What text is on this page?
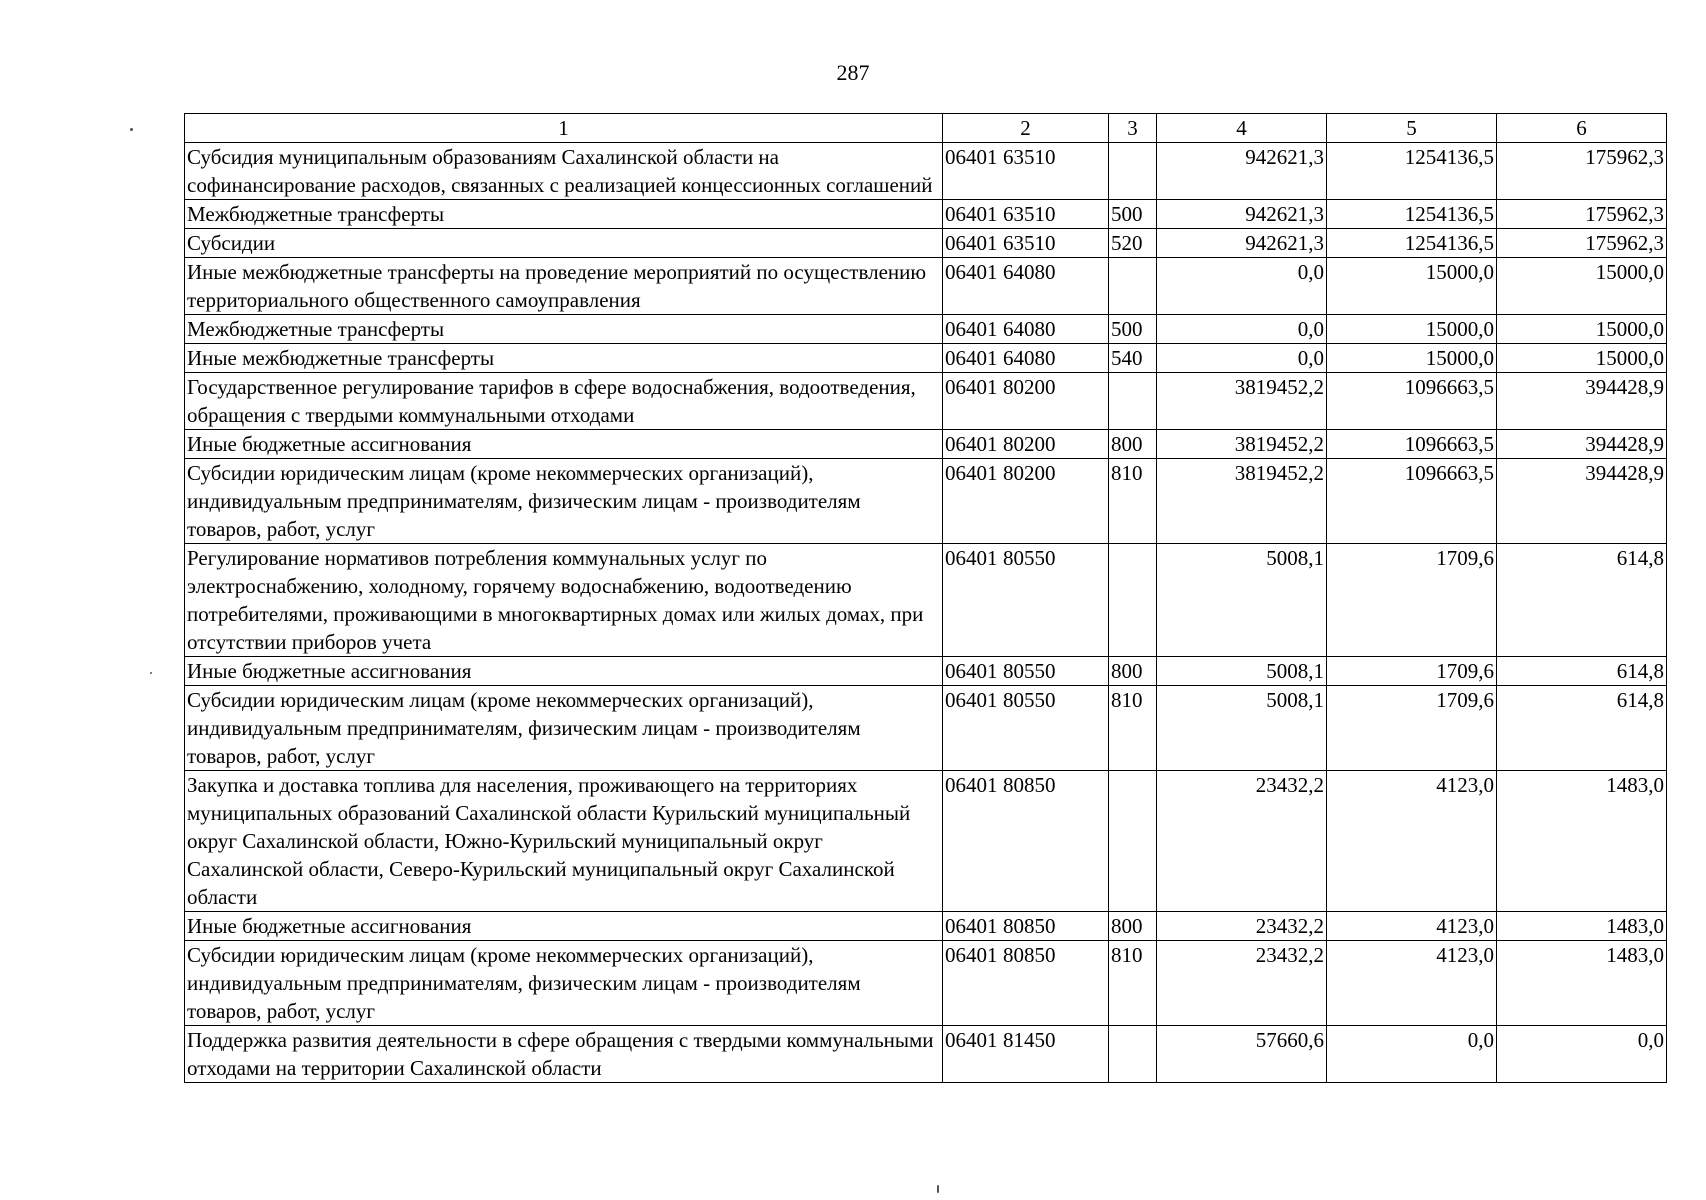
287
1	2	3	4	5	6
Субсидия муниципальным образованиям Сахалинской области на софинансирование расходов, связанных с реализацией концессионных соглашений	06401 63510		942621,3	1254136,5	175962,3
Межбюджетные трансферты	06401 63510	500	942621,3	1254136,5	175962,3
Субсидии	06401 63510	520	942621,3	1254136,5	175962,3
Иные межбюджетные трансферты на проведение мероприятий по осуществлению территориального общественного самоуправления	06401 64080		0,0	15000,0	15000,0
Межбюджетные трансферты	06401 64080	500	0,0	15000,0	15000,0
Иные межбюджетные трансферты	06401 64080	540	0,0	15000,0	15000,0
Государственное регулирование тарифов в сфере водоснабжения, водоотведения, обращения с твердыми коммунальными отходами	06401 80200		3819452,2	1096663,5	394428,9
Иные бюджетные ассигнования	06401 80200	800	3819452,2	1096663,5	394428,9
Субсидии юридическим лицам (кроме некоммерческих организаций), индивидуальным предпринимателям, физическим лицам - производителям товаров, работ, услуг	06401 80200	810	3819452,2	1096663,5	394428,9
Регулирование нормативов потребления коммунальных услуг по электроснабжению, холодному, горячему водоснабжению, водоотведению потребителями, проживающими в многоквартирных домах или жилых домах, при отсутствии приборов учета	06401 80550		5008,1	1709,6	614,8
Иные бюджетные ассигнования	06401 80550	800	5008,1	1709,6	614,8
Субсидии юридическим лицам (кроме некоммерческих организаций), индивидуальным предпринимателям, физическим лицам - производителям товаров, работ, услуг	06401 80550	810	5008,1	1709,6	614,8
Закупка и доставка топлива для населения, проживающего на территориях муниципальных образований Сахалинской области Курильский муниципальный округ Сахалинской области, Южно-Курильский муниципальный округ Сахалинской области, Северо-Курильский муниципальный округ Сахалинской области	06401 80850		23432,2	4123,0	1483,0
Иные бюджетные ассигнования	06401 80850	800	23432,2	4123,0	1483,0
Субсидии юридическим лицам (кроме некоммерческих организаций), индивидуальным предпринимателям, физическим лицам - производителям товаров, работ, услуг	06401 80850	810	23432,2	4123,0	1483,0
Поддержка развития деятельности в сфере обращения с твердыми коммунальными отходами на территории Сахалинской области	06401 81450		57660,6	0,0	0,0
